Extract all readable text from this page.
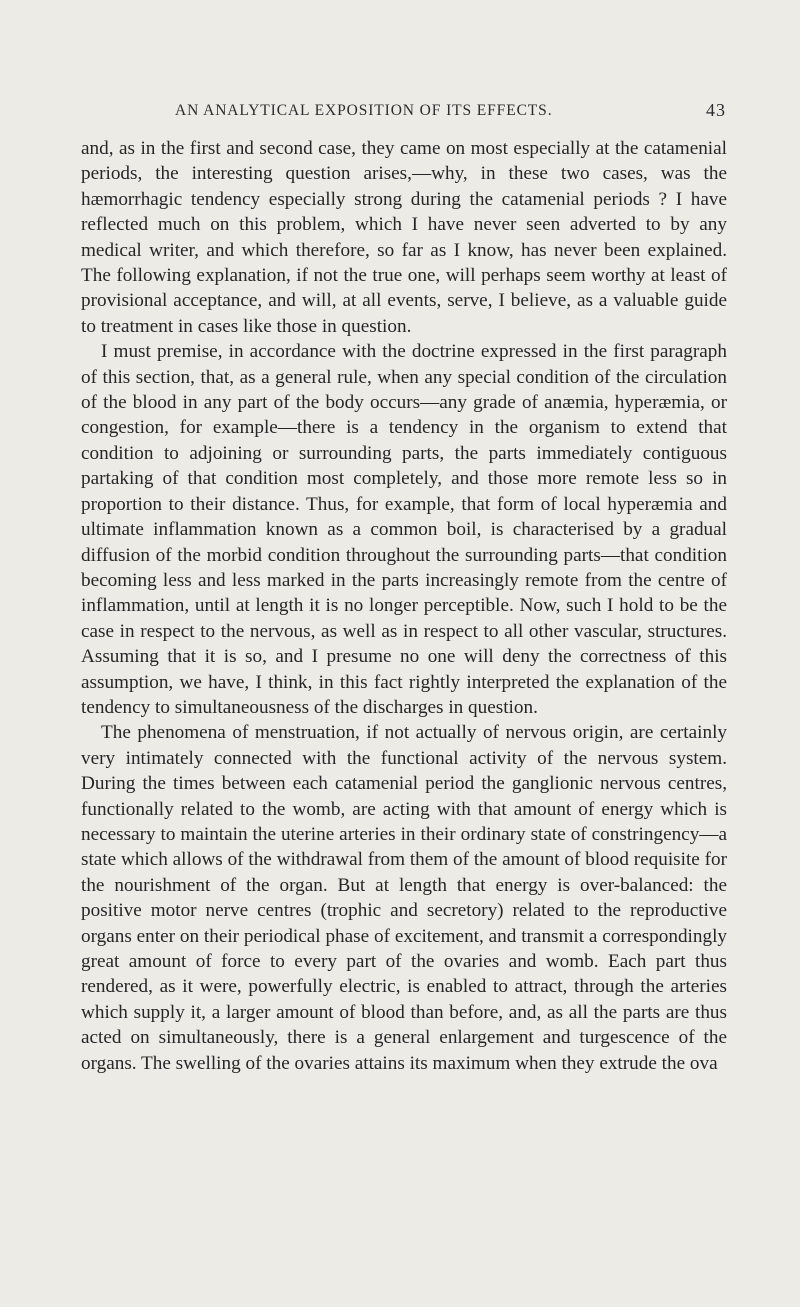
AN ANALYTICAL EXPOSITION OF ITS EFFECTS.	43

and, as in the first and second case, they came on most especially at the catamenial periods, the interesting question arises,—why, in these two cases, was the hæmorrhagic tendency especially strong during the catamenial periods ? I have reflected much on this problem, which I have never seen adverted to by any medical writer, and which therefore, so far as I know, has never been explained. The following explanation, if not the true one, will perhaps seem worthy at least of provisional acceptance, and will, at all events, serve, I believe, as a valuable guide to treatment in cases like those in question.

I must premise, in accordance with the doctrine expressed in the first paragraph of this section, that, as a general rule, when any special condition of the circulation of the blood in any part of the body occurs—any grade of anæmia, hyperæmia, or congestion, for example—there is a tendency in the organism to extend that condition to adjoining or surrounding parts, the parts immediately contiguous partaking of that condition most completely, and those more remote less so in proportion to their distance. Thus, for example, that form of local hyperæmia and ultimate inflammation known as a common boil, is characterised by a gradual diffusion of the morbid condition throughout the surrounding parts—that condition becoming less and less marked in the parts increasingly remote from the centre of inflammation, until at length it is no longer perceptible. Now, such I hold to be the case in respect to the nervous, as well as in respect to all other vascular, structures. Assuming that it is so, and I presume no one will deny the correctness of this assumption, we have, I think, in this fact rightly interpreted the explanation of the tendency to simultaneousness of the discharges in question.

The phenomena of menstruation, if not actually of nervous origin, are certainly very intimately connected with the functional activity of the nervous system. During the times between each catamenial period the ganglionic nervous centres, functionally related to the womb, are acting with that amount of energy which is necessary to maintain the uterine arteries in their ordinary state of constringency—a state which allows of the withdrawal from them of the amount of blood requisite for the nourishment of the organ. But at length that energy is over-balanced: the positive motor nerve centres (trophic and secretory) related to the reproductive organs enter on their periodical phase of excitement, and transmit a correspondingly great amount of force to every part of the ovaries and womb. Each part thus rendered, as it were, powerfully electric, is enabled to attract, through the arteries which supply it, a larger amount of blood than before, and, as all the parts are thus acted on simultaneously, there is a general enlargement and turgescence of the organs. The swelling of the ovaries attains its maximum when they extrude the ova
